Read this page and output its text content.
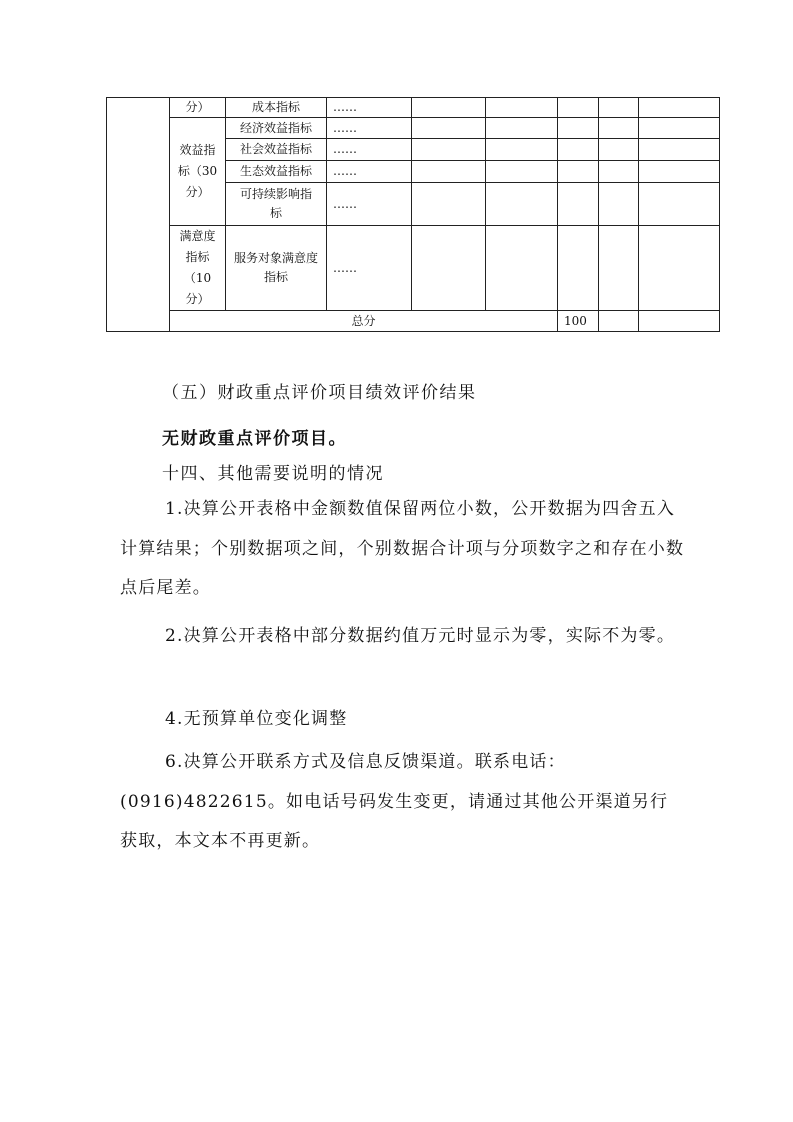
	分）	成本指标	……					
	效益指标（30分）	经济效益指标	……					
		社会效益指标	……					
		生态效益指标	……					
		可持续影响指标	……					
	满意度指标（10分）	服务对象满意度指标	……					
	总分					100		
（五）财政重点评价项目绩效评价结果
无财政重点评价项目。
十四、其他需要说明的情况

1.决算公开表格中金额数值保留两位小数，公开数据为四舍五入计算结果；个别数据项之间，个别数据合计项与分项数字之和存在小数点后尾差。

2.决算公开表格中部分数据约值万元时显示为零，实际不为零。

4.无预算单位变化调整

6.决算公开联系方式及信息反馈渠道。联系电话：(0916)4822615。如电话号码发生变更，请通过其他公开渠道另行获取，本文本不再更新。
